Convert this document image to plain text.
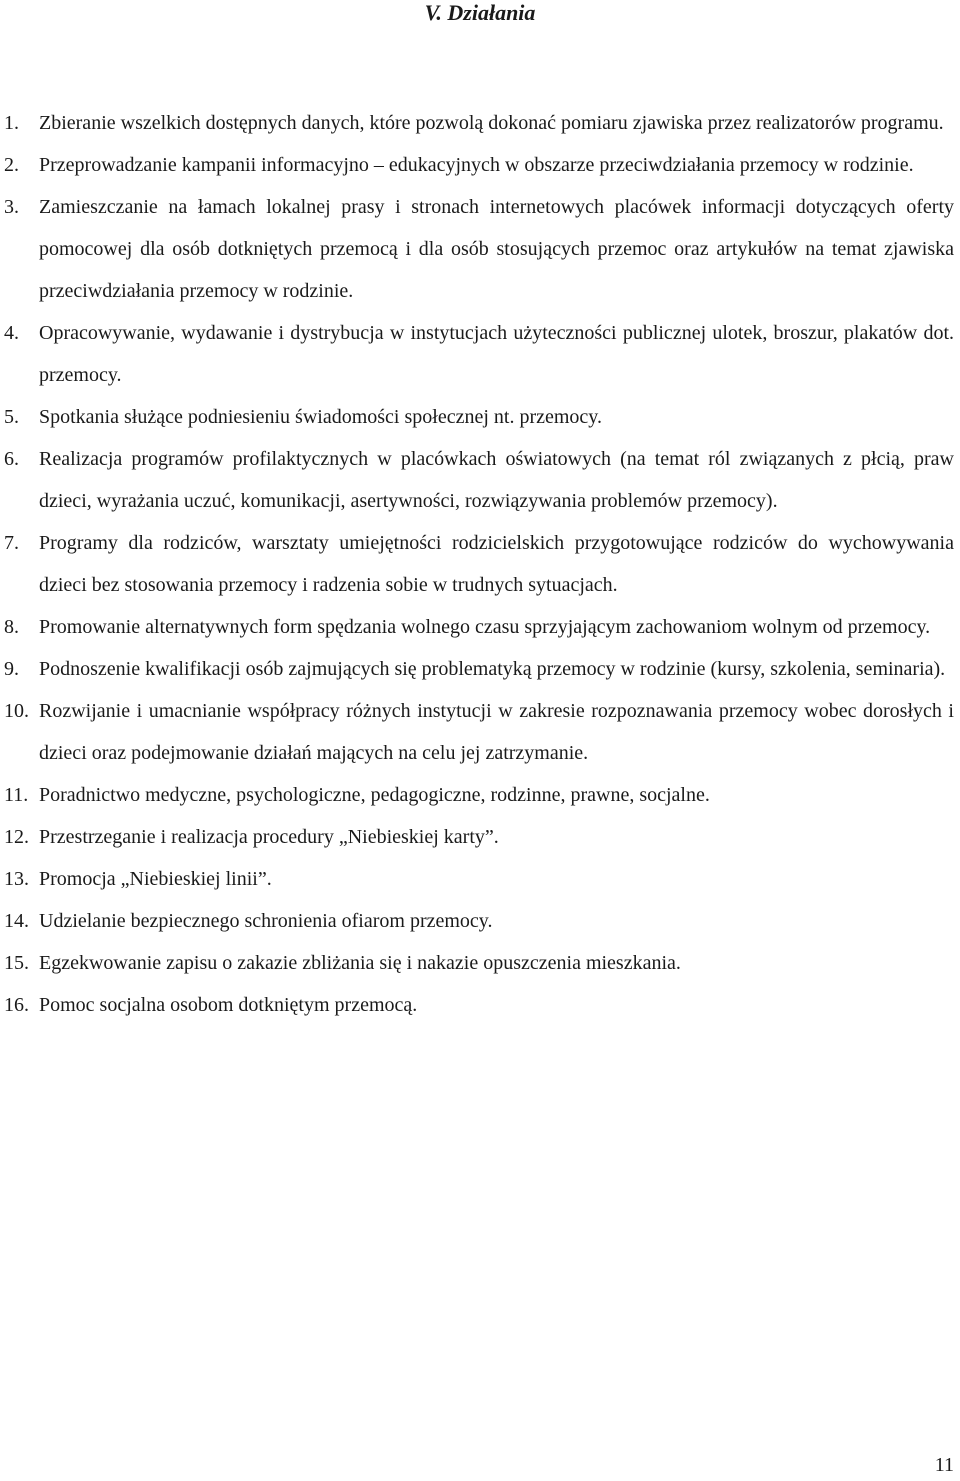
V. Działania
1. Zbieranie wszelkich dostępnych danych, które pozwolą dokonać pomiaru zjawiska przez realizatorów programu.
2. Przeprowadzanie kampanii informacyjno – edukacyjnych w obszarze przeciwdziałania przemocy w rodzinie.
3. Zamieszczanie na łamach lokalnej prasy i stronach internetowych placówek informacji dotyczących oferty pomocowej dla osób dotkniętych przemocą i dla osób stosujących przemoc oraz artykułów na temat zjawiska przeciwdziałania przemocy w rodzinie.
4. Opracowywanie, wydawanie i dystrybucja w instytucjach użyteczności publicznej ulotek, broszur, plakatów dot. przemocy.
5. Spotkania służące podniesieniu świadomości społecznej nt. przemocy.
6. Realizacja programów profilaktycznych w placówkach oświatowych (na temat ról związanych z płcią, praw dzieci, wyrażania uczuć, komunikacji, asertywności, rozwiązywania problemów przemocy).
7. Programy dla rodziców, warsztaty umiejętności rodzicielskich przygotowujące rodziców do wychowywania dzieci bez stosowania przemocy i radzenia sobie w trudnych sytuacjach.
8. Promowanie alternatywnych form spędzania wolnego czasu sprzyjającym zachowaniom wolnym od przemocy.
9. Podnoszenie kwalifikacji osób zajmujących się problematyką przemocy w rodzinie (kursy, szkolenia, seminaria).
10. Rozwijanie i umacnianie współpracy różnych instytucji w zakresie rozpoznawania przemocy wobec dorosłych i dzieci oraz podejmowanie działań mających na celu jej zatrzymanie.
11. Poradnictwo medyczne, psychologiczne, pedagogiczne, rodzinne, prawne, socjalne.
12. Przestrzeganie i realizacja procedury „Niebieskiej karty”.
13. Promocja „Niebieskiej linii”.
14. Udzielanie bezpiecznego schronienia ofiarom przemocy.
15. Egzekwowanie zapisu o zakazie zbliżania się i nakazie opuszczenia mieszkania.
16. Pomoc socjalna osobom dotkniętym przemocą.
11
